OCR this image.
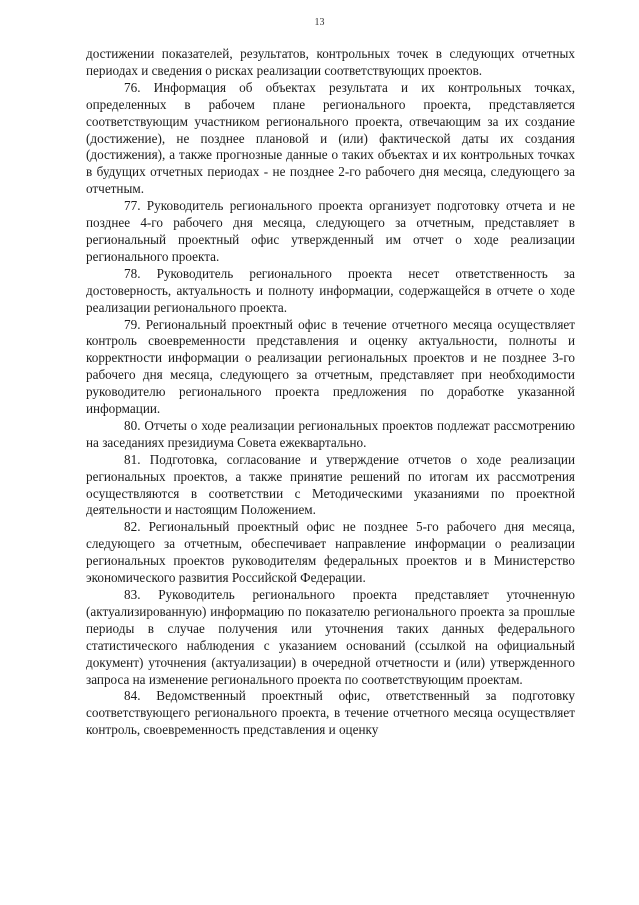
13

достижении показателей, результатов, контрольных точек в следующих отчетных периодах и сведения о рисках реализации соответствующих проектов.

76. Информация об объектах результата и их контрольных точках, определенных в рабочем плане регионального проекта, представляется соответствующим участником регионального проекта, отвечающим за их создание (достижение), не позднее плановой и (или) фактической даты их создания (достижения), а также прогнозные данные о таких объектах и их контрольных точках в будущих отчетных периодах - не позднее 2-го рабочего дня месяца, следующего за отчетным.

77. Руководитель регионального проекта организует подготовку отчета и не позднее 4-го рабочего дня месяца, следующего за отчетным, представляет в региональный проектный офис утвержденный им отчет о ходе реализации регионального проекта.

78. Руководитель регионального проекта несет ответственность за достоверность, актуальность и полноту информации, содержащейся в отчете о ходе реализации регионального проекта.

79. Региональный проектный офис в течение отчетного месяца осуществляет контроль своевременности представления и оценку актуальности, полноты и корректности информации о реализации региональных проектов и не позднее 3-го рабочего дня месяца, следующего за отчетным, представляет при необходимости руководителю регионального проекта предложения по доработке указанной информации.

80. Отчеты о ходе реализации региональных проектов подлежат рассмотрению на заседаниях президиума Совета ежеквартально.

81. Подготовка, согласование и утверждение отчетов о ходе реализации региональных проектов, а также принятие решений по итогам их рассмотрения осуществляются в соответствии с Методическими указаниями по проектной деятельности и настоящим Положением.

82. Региональный проектный офис не позднее 5-го рабочего дня месяца, следующего за отчетным, обеспечивает направление информации о реализации региональных проектов руководителям федеральных проектов и в Министерство экономического развития Российской Федерации.

83. Руководитель регионального проекта представляет уточненную (актуализированную) информацию по показателю регионального проекта за прошлые периоды в случае получения или уточнения таких данных федерального статистического наблюдения с указанием оснований (ссылкой на официальный документ) уточнения (актуализации) в очередной отчетности и (или) утвержденного запроса на изменение регионального проекта по соответствующим проектам.

84. Ведомственный проектный офис, ответственный за подготовку соответствующего регионального проекта, в течение отчетного месяца осуществляет контроль, своевременность представления и оценку
